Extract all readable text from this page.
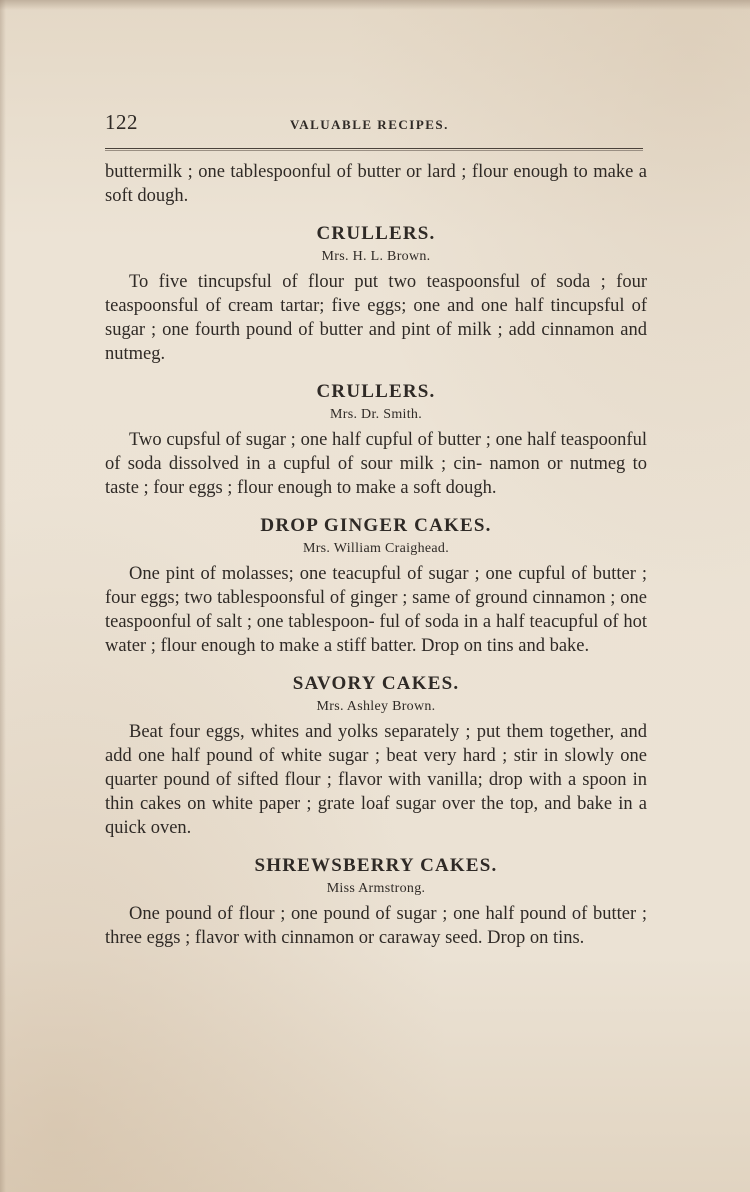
122	VALUABLE RECIPES.

buttermilk ; one tablespoonful of butter or lard ; flour enough to make a soft dough.

CRULLERS.
Mrs. H. L. Brown.

To five tincupsful of flour put two teaspoonsful of soda ; four teaspoonsful of cream tartar; five eggs; one and one half tincupsful of sugar ; one fourth pound of butter and pint of milk ; add cinnamon and nutmeg.

CRULLERS.
Mrs. Dr. Smith.

Two cupsful of sugar ; one half cupful of butter ; one half teaspoonful of soda dissolved in a cupful of sour milk ; cin- namon or nutmeg to taste ; four eggs ; flour enough to make a soft dough.

DROP GINGER CAKES.
Mrs. William Craighead.

One pint of molasses; one teacupful of sugar ; one cupful of butter ; four eggs; two tablespoonsful of ginger ; same of ground cinnamon ; one teaspoonful of salt ; one tablespoon- ful of soda in a half teacupful of hot water ; flour enough to make a stiff batter. Drop on tins and bake.

SAVORY CAKES.
Mrs. Ashley Brown.

Beat four eggs, whites and yolks separately ; put them together, and add one half pound of white sugar ; beat very hard ; stir in slowly one quarter pound of sifted flour ; flavor with vanilla; drop with a spoon in thin cakes on white paper ; grate loaf sugar over the top, and bake in a quick oven.

SHREWSBERRY CAKES.
Miss Armstrong.

One pound of flour ; one pound of sugar ; one half pound of butter ; three eggs ; flavor with cinnamon or caraway seed. Drop on tins.
